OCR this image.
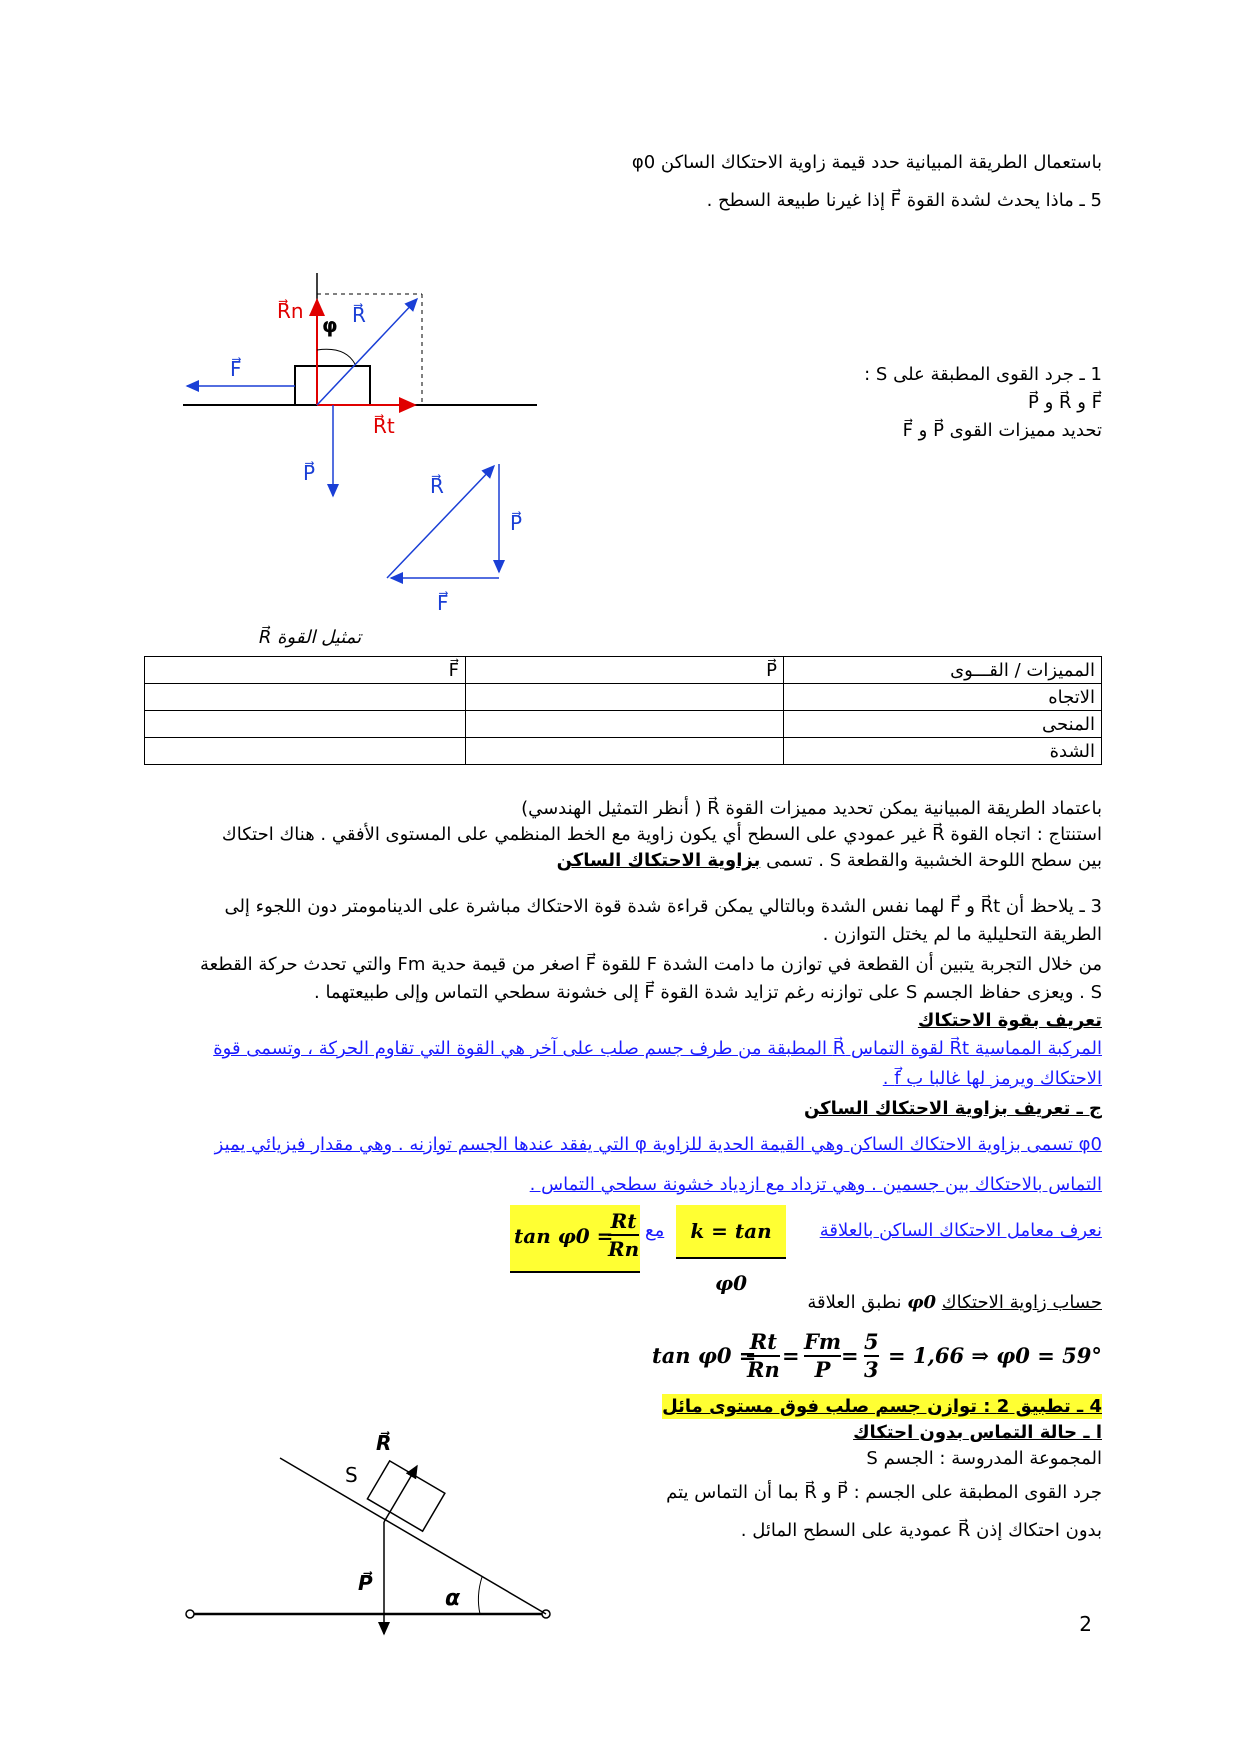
باستعمال الطريقة المبيانية حدد قيمة زاوية الاحتكاك الساكن φ0
5 ـ ماذا يحدث لشدة القوة F⃗ إذا غيرنا طبيعة السطح .
R⃗n
φ R⃗
F⃗
R⃗t
P⃗
R⃗
P⃗
F⃗
تمثيل القوة R⃗
1 ـ جرد القوى المطبقة على S :
F⃗ و R⃗ و P⃗
تحديد مميزات القوى P⃗ و F⃗
المميزات / القـــوى	P⃗	F⃗
الاتجاه		
المنحى		
الشدة		
باعتماد الطريقة المبيانية يمكن تحديد مميزات القوة R⃗ ( أنظر التمثيل الهندسي)
استنتاج : اتجاه القوة R⃗ غير عمودي على السطح أي يكون زاوية مع الخط المنظمي على المستوى الأفقي . هناك احتكاك
بين سطح اللوحة الخشبية والقطعة S . تسمى بزاوية الاحتكاك الساكن
3 ـ يلاحظ أن R⃗t و F⃗ لهما نفس الشدة وبالتالي يمكن قراءة شدة قوة الاحتكاك مباشرة على الدينامومتر دون اللجوء إلى
الطريقة التحليلية ما لم يختل التوازن .
من خلال التجربة يتبين أن القطعة في توازن ما دامت الشدة F للقوة F⃗ اصغر من قيمة حدية Fm والتي تحدث حركة القطعة
S . ويعزى حفاظ الجسم S على توازنه رغم تزايد شدة القوة F⃗ إلى خشونة سطحي التماس وإلى طبيعتهما .
تعريف بقوة الاحتكاك
المركبة المماسية R⃗t لقوة التماس R⃗ المطبقة من طرف جسم صلب على آخر هي القوة التي تقاوم الحركة ، وتسمى قوة
الاحتكاك ويرمز لها غالبا ب f⃗ .
ج ـ تعريف بزاوية الاحتكاك الساكن
φ0 تسمى بزاوية الاحتكاك الساكن وهي القيمة الحدية للزاوية φ التي يفقد عندها الجسم توازنه . وهي مقدار فيزيائي يميز
التماس بالاحتكاك بين جسمين . وهي تزداد مع ازدياد خشونة سطحي التماس .
نعرف معامل الاحتكاك الساكن بالعلاقة
k = tan φ0
مع
tan φ0 =
$\frac{Rt}{Rn}$
حساب زاوية الاحتكاك φ0 نطبق العلاقة
tan φ0 =
$\frac{Rt}{Rn} = \frac{Fm}{P} = \frac{5}{3} = 1,66$ ⇒ φ0 = 59°
4 ـ تطبيق 2 : توازن جسم صلب فوق مستوى مائل
ا ـ حالة التماس بدون احتكاك
المجموعة المدروسة : الجسم S
جرد القوى المطبقة على الجسم : P⃗ و R⃗ بما أن التماس يتم
بدون احتكاك إذن R⃗ عمودية على السطح المائل .
S
R⃗
P⃗
α
2
